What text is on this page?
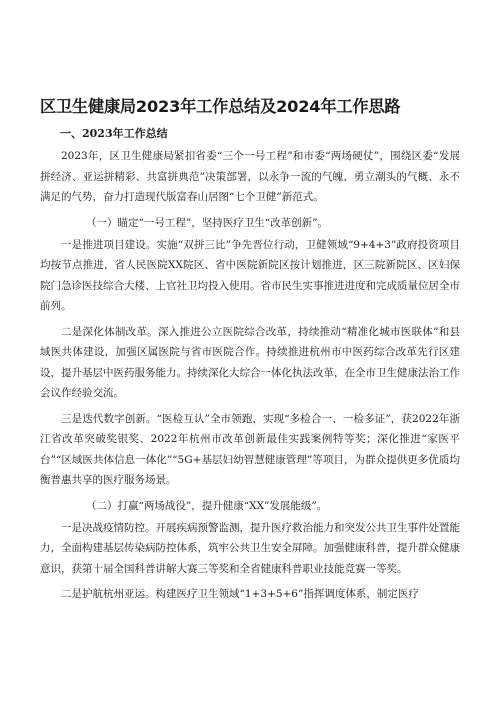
区卫生健康局2023年工作总结及2024年工作思路
一、2023年工作总结

2023年，区卫生健康局紧扣省委“三个一号工程”和市委“两场硬仗”，围绕区委“发展拼经济、亚运拼精彩、共富拼典范”决策部署，以永争一流的气魄、勇立潮头的气概、永不满足的气势，奋力打造现代版富春山居图“七个卫健”新范式。

（一）瞄定“一号工程”，坚持医疗卫生“改革创新”。

一是推进项目建设。实施“双拼三比”争先晋位行动，卫健领域“9+4+3”政府投资项目均按节点推进，省人民医院XX院区、省中医院新院区按计划推进，区三院新院区、区妇保院门急诊医技综合大楼、上官社卫均投入使用。省市民生实事推进进度和完成质量位居全市前列。

二是深化体制改革。深入推进公立医院综合改革，持续推动“精准化城市医联体”和县域医共体建设，加强区属医院与省市医院合作。持续推进杭州市中医药综合改革先行区建设，提升基层中医药服务能力。持续深化大综合一体化执法改革，在全市卫生健康法治工作会议作经验交流。

三是迭代数字创新。“医检互认”全市领跑，实现“多检合一、一检多证”，获2022年浙江省改革突破奖银奖、2022年杭州市改革创新最佳实践案例特等奖；深化推进“家医平台”“区域医共体信息一体化”“5G+基层妇幼智慧健康管理”等项目，为群众提供更多优质均衡普惠共享的医疗服务场景。

（二）打赢“两场战役”，提升健康“XX”发展能级”。

一是决战疫情防控。开展疾病预警监测，提升医疗救治能力和突发公共卫生事件处置能力，全面构建基层传染病防控体系，筑牢公共卫生安全屏障。加强健康科普，提升群众健康意识，获第十届全国科普讲解大赛三等奖和全省健康科普职业技能竞赛一等奖。

二是护航杭州亚运。构建医疗卫生领域“1+3+5+6”指挥调度体系，制定医疗
